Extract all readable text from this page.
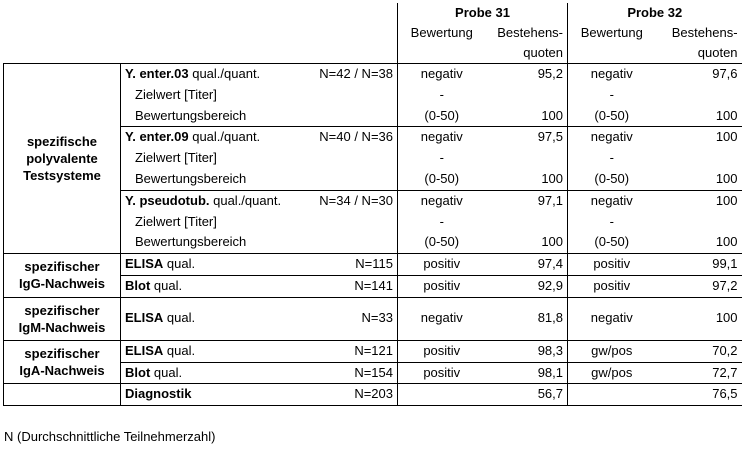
			Probe 31		Probe 32	
			Bewertung	Bestehens-	Bewertung	Bestehens-
				quoten		quoten
spezifische
polyvalente
Testsysteme	Y. enter.03 qual./quant.	N=42 / N=38	negativ	95,2	negativ	97,6
	Zielwert [Titer]		-		-	
	Bewertungsbereich		(0-50)	100	(0-50)	100
	Y. enter.09 qual./quant.	N=40 / N=36	negativ	97,5	negativ	100
	Zielwert [Titer]		-		-	
	Bewertungsbereich		(0-50)	100	(0-50)	100
	Y. pseudotub. qual./quant.	N=34 / N=30	negativ	97,1	negativ	100
	Zielwert [Titer]		-		-	
	Bewertungsbereich		(0-50)	100	(0-50)	100
spezifischer
IgG-Nachweis	ELISA qual.	N=115	positiv	97,4	positiv	99,1
	Blot qual.	N=141	positiv	92,9	positiv	97,2
spezifischer
IgM-Nachweis	ELISA qual.	N=33	negativ	81,8	negativ	100
spezifischer
IgA-Nachweis	ELISA qual.	N=121	positiv	98,3	gw/pos	70,2
	Blot qual.	N=154	positiv	98,1	gw/pos	72,7
	Diagnostik	N=203		56,7		76,5
N (Durchschnittliche Teilnehmerzahl)
